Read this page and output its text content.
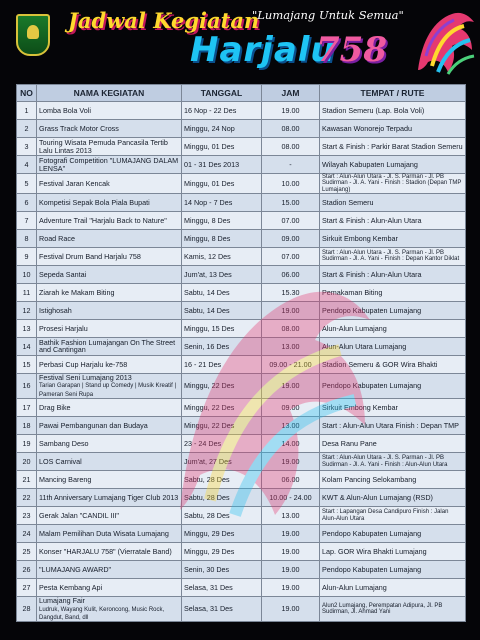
Jadwal Kegiatan
"Lumajang Untuk Semua"
Harjalu
758
NO	NAMA KEGIATAN	TANGGAL	JAM	TEMPAT / RUTE
1	Lomba Bola Voli	16 Nop - 22 Des	19.00	Stadion Semeru (Lap. Bola Voli)
2	Grass Track Motor Cross	Minggu, 24 Nop	08.00	Kawasan Wonorejo Terpadu
3	Touring Wisata Pemuda Pancasila Tertib Lalu Lintas 2013	Minggu, 01 Des	08.00	Start & Finish : Parkir Barat Stadion Semeru
4	Fotografi Competition "LUMAJANG DALAM LENSA"	01 - 31 Des 2013	-	Wilayah Kabupaten Lumajang
5	Festival Jaran Kencak	Minggu, 01 Des	10.00	Start : Alun-Alun Utara - Jl. S. Parman - Jl. PB Sudirman - Jl. A. Yani - Finish : Stadion (Depan TMP Lumajang)
6	Kompetisi Sepak Bola Piala Bupati	14 Nop - 7 Des	15.00	Stadion Semeru
7	Adventure Trail "Harjalu Back to Nature"	Minggu, 8 Des	07.00	Start & Finish : Alun-Alun Utara
8	Road Race	Minggu, 8 Des	09.00	Sirkuit Embong Kembar
9	Festival Drum Band Harjalu 758	Kamis, 12 Des	07.00	Start : Alun-Alun Utara - Jl. S. Parman - Jl. PB Sudirman - Jl. A. Yani - Finish : Depan Kantor Diklat
10	Sepeda Santai	Jum'at, 13 Des	06.00	Start & Finish : Alun-Alun Utara
11	Ziarah ke Makam Biting	Sabtu, 14 Des	15.30	Pemakaman Biting
12	Istighosah	Sabtu, 14 Des	19.00	Pendopo Kabupaten Lumajang
13	Prosesi Harjalu	Minggu, 15 Des	08.00	Alun-Alun Lumajang
14	Bathik Fashion Lumajangan On The Street and Cantingan	Senin, 16 Des	13.00	Alun-Alun Utara Lumajang
15	Perbasi Cup Harjalu ke-758	16 - 21 Des	09.00 - 21.00	Stadion Semeru & GOR Wira Bhakti
16	Festival Seni Lumajang 2013
Tarian Garapan | Stand up Comedy | Musik Kreatif | Pameran Seni Rupa	Minggu, 22 Des	19.00	Pendopo Kabupaten Lumajang
17	Drag Bike	Minggu, 22 Des	09.00	Sirkuit Embong Kembar
18	Pawai Pembangunan dan Budaya	Minggu, 22 Des	13.00	Start : Alun-Alun Utara Finish : Depan TMP
19	Sambang Deso	23 - 24 Des	14.00	Desa Ranu Pane
20	LOS Carnival	Jum'at, 27 Des	19.00	Start : Alun-Alun Utara - Jl. S. Parman - Jl. PB Sudirman - Jl. A. Yani - Finish : Alun-Alun Utara
21	Mancing Bareng	Sabtu, 28 Des	06.00	Kolam Pancing Selokambang
22	11th Anniversary Lumajang Tiger Club 2013	Sabtu, 28 Des	10.00 - 24.00	KWT & Alun-Alun Lumajang (RSD)
23	Gerak Jalan "CANDIL III"	Sabtu, 28 Des	13.00	Start : Lapangan Desa Candipuro Finish : Jalan Alun-Alun Utara
24	Malam Pemilihan Duta Wisata Lumajang	Minggu, 29 Des	19.00	Pendopo Kabupaten Lumajang
25	Konser "HARJALU 758" (Vierratale Band)	Minggu, 29 Des	19.00	Lap. GOR Wira Bhakti Lumajang
26	"LUMAJANG AWARD"	Senin, 30 Des	19.00	Pendopo Kabupaten Lumajang
27	Pesta Kembang Api	Selasa, 31 Des	19.00	Alun-Alun Lumajang
28	Lumajang Fair
Ludruk, Wayang Kulit, Keroncong, Music Rock, Dangdut, Band, dll	Selasa, 31 Des	19.00	Alun2 Lumajang, Perempatan Adipura, Jl. PB Sudirman, Jl. Ahmad Yani
